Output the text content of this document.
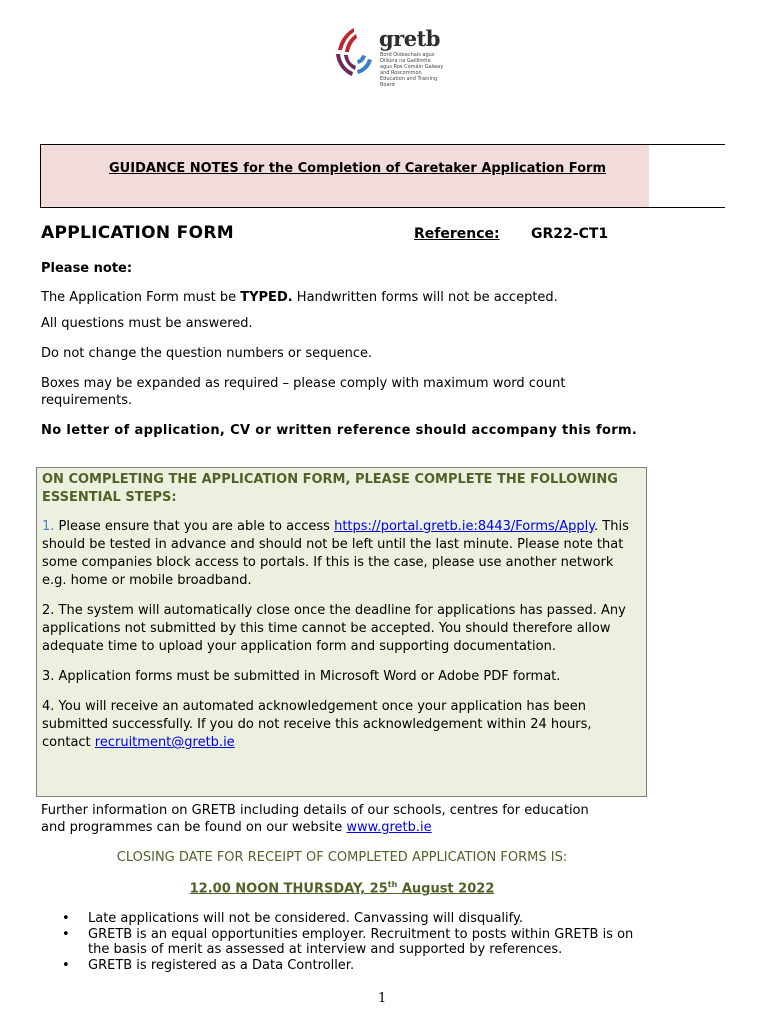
gretb
Bord Oideachais agus Oiliúna na Gaillimhe agus Ros Comáin Galway and Roscommon Education and Training Board
GUIDANCE NOTES for the Completion of Caretaker Application Form
APPLICATION FORM	Reference: GR22-CT1
Please note:
The Application Form must be TYPED. Handwritten forms will not be accepted.
All questions must be answered.
Do not change the question numbers or sequence.
Boxes may be expanded as required – please comply with maximum word count requirements.
No letter of application, CV or written reference should accompany this form.
ON COMPLETING THE APPLICATION FORM, PLEASE COMPLETE THE FOLLOWING ESSENTIAL STEPS:
1. Please ensure that you are able to access https://portal.gretb.ie:8443/Forms/Apply. This should be tested in advance and should not be left until the last minute. Please note that some companies block access to portals. If this is the case, please use another network e.g. home or mobile broadband.
2. The system will automatically close once the deadline for applications has passed. Any applications not submitted by this time cannot be accepted. You should therefore allow adequate time to upload your application form and supporting documentation.
3. Application forms must be submitted in Microsoft Word or Adobe PDF format.
4. You will receive an automated acknowledgement once your application has been submitted successfully. If you do not receive this acknowledgement within 24 hours, contact recruitment@gretb.ie
Further information on GRETB including details of our schools, centres for education and programmes can be found on our website www.gretb.ie
CLOSING DATE FOR RECEIPT OF COMPLETED APPLICATION FORMS IS:
12.00 NOON THURSDAY, 25th August 2022
• Late applications will not be considered. Canvassing will disqualify.
• GRETB is an equal opportunities employer. Recruitment to posts within GRETB is on the basis of merit as assessed at interview and supported by references.
• GRETB is registered as a Data Controller.
1
